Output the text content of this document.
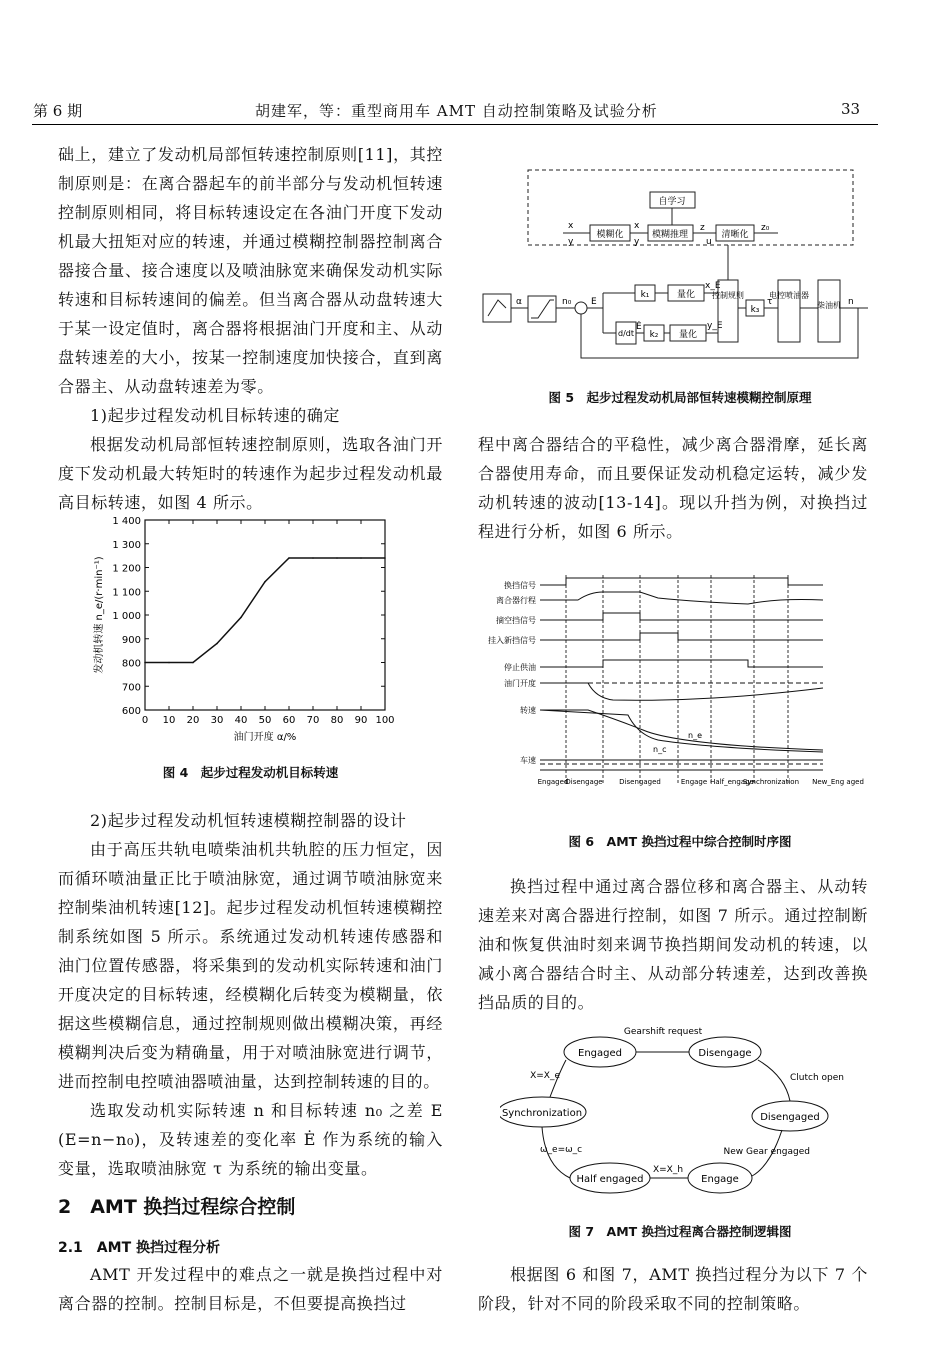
第 6 期	胡建军，等：重型商用车 AMT 自动控制策略及试验分析	33

础上，建立了发动机局部恒转速控制原则[11]，其控制原则是：在离合器起车的前半部分与发动机恒转速控制原则相同，将目标转速设定在各油门开度下发动机最大扭矩对应的转速，并通过模糊控制器控制离合器接合量、接合速度以及喷油脉宽来确保发动机实际转速和目标转速间的偏差。但当离合器从动盘转速大于某一设定值时，离合器将根据油门开度和主、从动盘转速差的大小，按某一控制速度加快接合，直到离合器主、从动盘转速差为零。

1)起步过程发动机目标转速的确定

根据发动机局部恒转速控制原则，选取各油门开度下发动机最大转矩时的转速作为起步过程发动机最高目标转速，如图 4 所示。

0 10 20 30 40 50 60 70 80 90 100
600
700
800
900
1 000
1 100
1 200
1 300
1 400
油门开度 α/%
发动机转速 n_e/(r·min⁻¹)
图 4　起步过程发动机目标转速

2)起步过程发动机恒转速模糊控制器的设计

由于高压共轨电喷柴油机共轨腔的压力恒定，因而循环喷油量正比于喷油脉宽，通过调节喷油脉宽来控制柴油机转速[12]。起步过程发动机恒转速模糊控制系统如图 5 所示。系统通过发动机转速传感器和油门位置传感器，将采集到的发动机实际转速和油门开度决定的目标转速，经模糊化后转变为模糊量，依据这些模糊信息，通过控制规则做出模糊决策，再经模糊判决后变为精确量，用于对喷油脉宽进行调节，进而控制电控喷油器喷油量，达到控制转速的目的。

选取发动机实际转速 n 和目标转速 n₀ 之差 E (E=n−n₀)，及转速差的变化率 Ė 作为系统的输入变量，选取喷油脉宽 τ 为系统的输出变量。

2　AMT 换挡过程综合控制
2.1　AMT 换挡过程分析

AMT 开发过程中的难点之一就是换挡过程中对离合器的控制。控制目标是，不但要提高换挡过

自学习
模糊化	模糊推理	清晰化
x
y
x
y
z
u
z₀
α	n₀ E
k₁	量化
x_E
d/dt
Ė
k₂ 量化
y_E
控制规则
k₃
τ
电控喷油器
柴油机 n
图 5　起步过程发动机局部恒转速模糊控制原理

程中离合器结合的平稳性，减少离合器滑摩，延长离合器使用寿命，而且要保证发动机稳定运转，减少发动机转速的波动[13-14]。现以升挡为例，对换挡过程进行分析，如图 6 所示。

换挡信号
离合器行程
摘空挡信号
挂入新挡信号
停止供油
油门开度
转速
车速
n_e
n_c
Engaged
Disengage Disengaged	Engage Half_engage
Synchronization New_Eng aged
图 6　AMT 换挡过程中综合控制时序图

换挡过程中通过离合器位移和离合器主、从动转速差来对离合器进行控制，如图 7 所示。通过控制断油和恢复供油时刻来调节换挡期间发动机的转速，以减小离合器结合时主、从动部分转速差，达到改善换挡品质的目的。

Engaged	Disengage
Disengaged
Engage
Half engaged
Synchronization
Gearshift request
Clutch open
New Gear engaged
X=X_h
ω_e=ω_c
X=X_e
图 7　AMT 换挡过程离合器控制逻辑图

根据图 6 和图 7，AMT 换挡过程分为以下 7 个阶段，针对不同的阶段采取不同的控制策略。
